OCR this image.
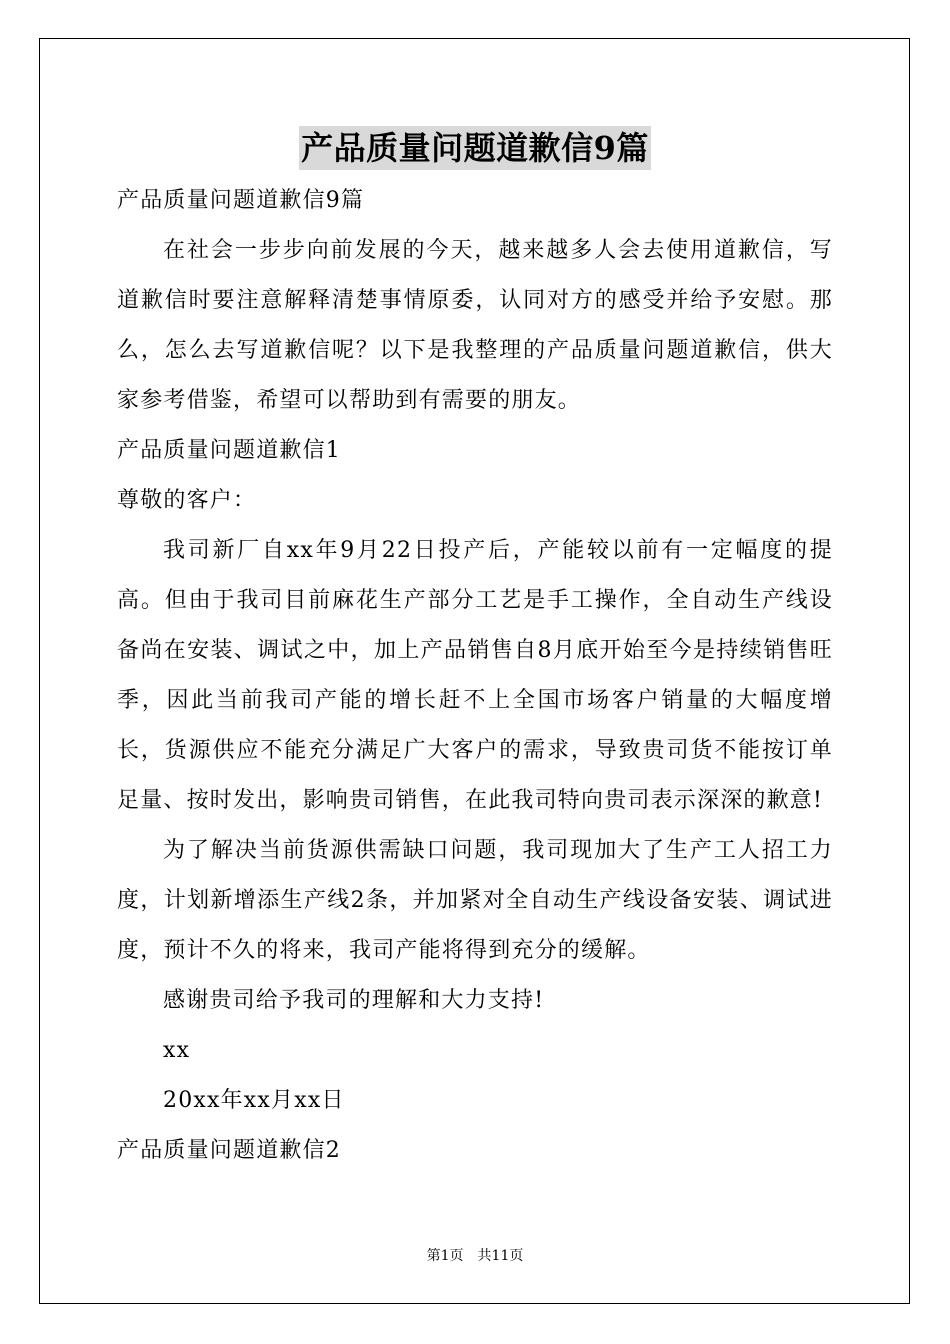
产品质量问题道歉信9篇
产品质量问题道歉信9篇

在社会一步步向前发展的今天，越来越多人会去使用道歉信，写道歉信时要注意解释清楚事情原委，认同对方的感受并给予安慰。那么，怎么去写道歉信呢？以下是我整理的产品质量问题道歉信，供大家参考借鉴，希望可以帮助到有需要的朋友。

产品质量问题道歉信1
尊敬的客户：

我司新厂自xx年9月22日投产后，产能较以前有一定幅度的提高。但由于我司目前麻花生产部分工艺是手工操作，全自动生产线设备尚在安装、调试之中，加上产品销售自8月底开始至今是持续销售旺季，因此当前我司产能的增长赶不上全国市场客户销量的大幅度增长，货源供应不能充分满足广大客户的需求，导致贵司货不能按订单足量、按时发出，影响贵司销售，在此我司特向贵司表示深深的歉意!

为了解决当前货源供需缺口问题，我司现加大了生产工人招工力度，计划新增添生产线2条，并加紧对全自动生产线设备安装、调试进度，预计不久的将来，我司产能将得到充分的缓解。

感谢贵司给予我司的理解和大力支持!

xx
20xx年xx月xx日
产品质量问题道歉信2
第1页　共11页
